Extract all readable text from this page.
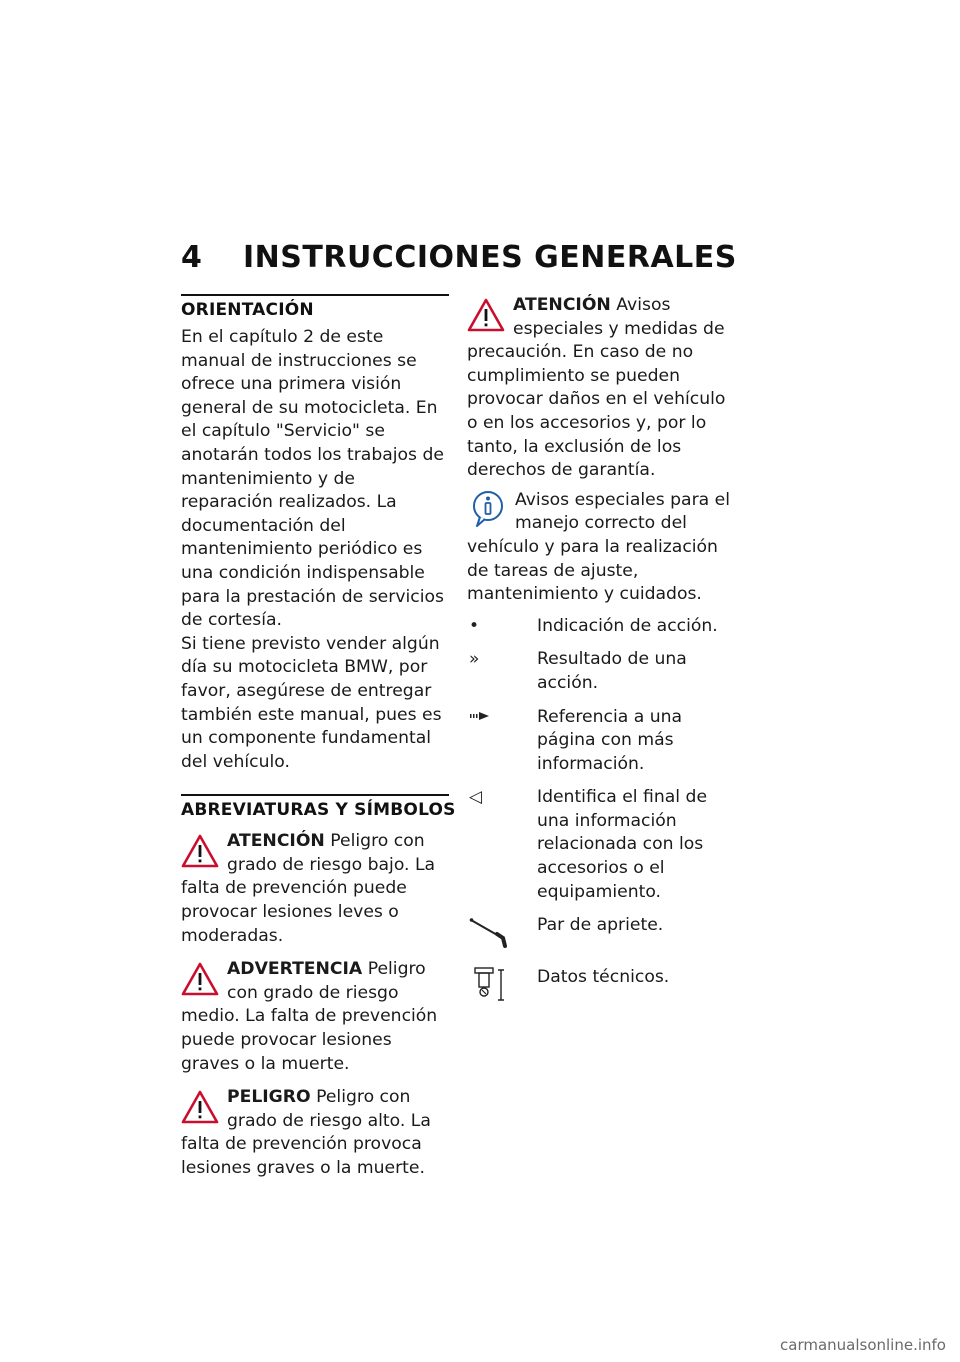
4 INSTRUCCIONES GENERALES
ORIENTACIÓN

En el capítulo 2 de este manual de instrucciones se ofrece una primera visión general de su motocicleta. En el capítulo "Servicio" se anotarán todos los trabajos de mantenimiento y de reparación realizados. La documentación del mantenimiento periódico es una condición indispensable para la prestación de servicios de cortesía.

Si tiene previsto vender algún día su motocicleta BMW, por favor, asegúrese de entregar también este manual, pues es un componente fundamental del vehículo.

ABREVIATURAS Y SÍMBOLOS
ATENCIÓN Peligro con grado de riesgo bajo. La falta de prevención puede provocar lesiones leves o moderadas.
ADVERTENCIA Peligro con grado de riesgo medio. La falta de prevención puede provocar lesiones graves o la muerte.
PELIGRO Peligro con grado de riesgo alto. La falta de prevención provoca lesiones graves o la muerte.
ATENCIÓN Avisos especiales y medidas de precaución. En caso de no cumplimiento se pueden provocar daños en el vehículo o en los accesorios y, por lo tanto, la exclusión de los derechos de garantía.
Avisos especiales para el manejo correcto del vehículo y para la realización de tareas de ajuste, mantenimiento y cuidados.
•	Indicación de acción.
»	Resultado de una acción.
Referencia a una página con más información.
◁	Identifica el final de una información relacionada con los accesorios o el equipamiento.
Par de apriete.
Datos técnicos.
carmanualsonline.info
